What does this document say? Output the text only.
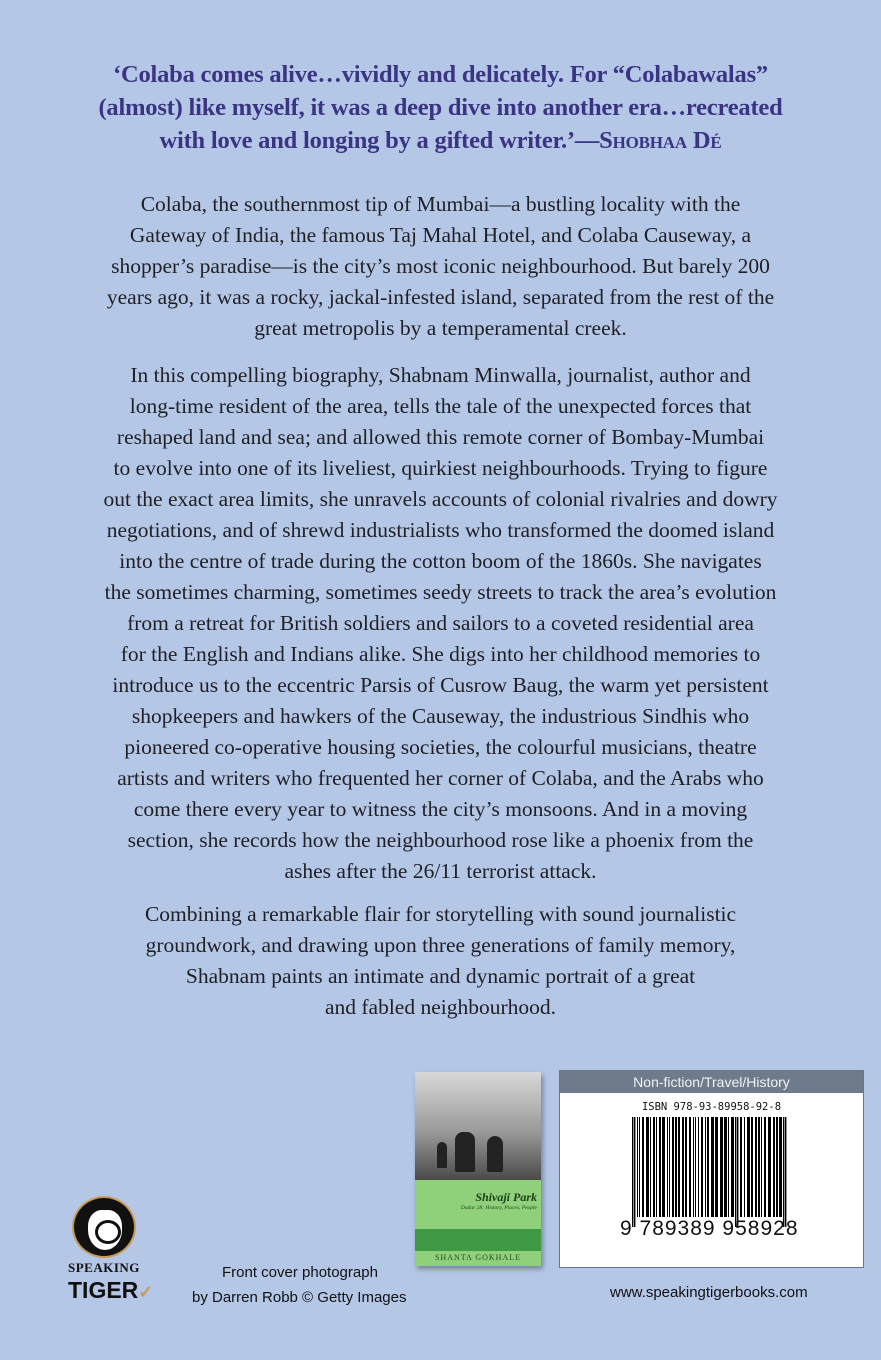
‘Colaba comes alive…vividly and delicately. For “Colabawalas”
(almost) like myself, it was a deep dive into another era…recreated
with love and longing by a gifted writer.’—Shobhaa Dé
Colaba, the southernmost tip of Mumbai—a bustling locality with the
Gateway of India, the famous Taj Mahal Hotel, and Colaba Causeway, a
shopper’s paradise—is the city’s most iconic neighbourhood. But barely 200
years ago, it was a rocky, jackal-infested island, separated from the rest of the
great metropolis by a temperamental creek.
In this compelling biography, Shabnam Minwalla, journalist, author and
long-time resident of the area, tells the tale of the unexpected forces that
reshaped land and sea; and allowed this remote corner of Bombay-Mumbai
to evolve into one of its liveliest, quirkiest neighbourhoods. Trying to figure
out the exact area limits, she unravels accounts of colonial rivalries and dowry
negotiations, and of shrewd industrialists who transformed the doomed island
into the centre of trade during the cotton boom of the 1860s. She navigates
the sometimes charming, sometimes seedy streets to track the area’s evolution
from a retreat for British soldiers and sailors to a coveted residential area
for the English and Indians alike. She digs into her childhood memories to
introduce us to the eccentric Parsis of Cusrow Baug, the warm yet persistent
shopkeepers and hawkers of the Causeway, the industrious Sindhis who
pioneered co-operative housing societies, the colourful musicians, theatre
artists and writers who frequented her corner of Colaba, and the Arabs who
come there every year to witness the city’s monsoons. And in a moving
section, she records how the neighbourhood rose like a phoenix from the
ashes after the 26/11 terrorist attack.
Combining a remarkable flair for storytelling with sound journalistic
groundwork, and drawing upon three generations of family memory,
Shabnam paints an intimate and dynamic portrait of a great
and fabled neighbourhood.
Shivaji Park
Dadar 28: History, Places, People
SHANTA GOKHALE
Non-fiction/Travel/History
ISBN 978-93-89958-92-8
9 789389 958928
SPEAKING
TIGER✓
Front cover photograph
by Darren Robb © Getty Images	www.speakingtigerbooks.com
